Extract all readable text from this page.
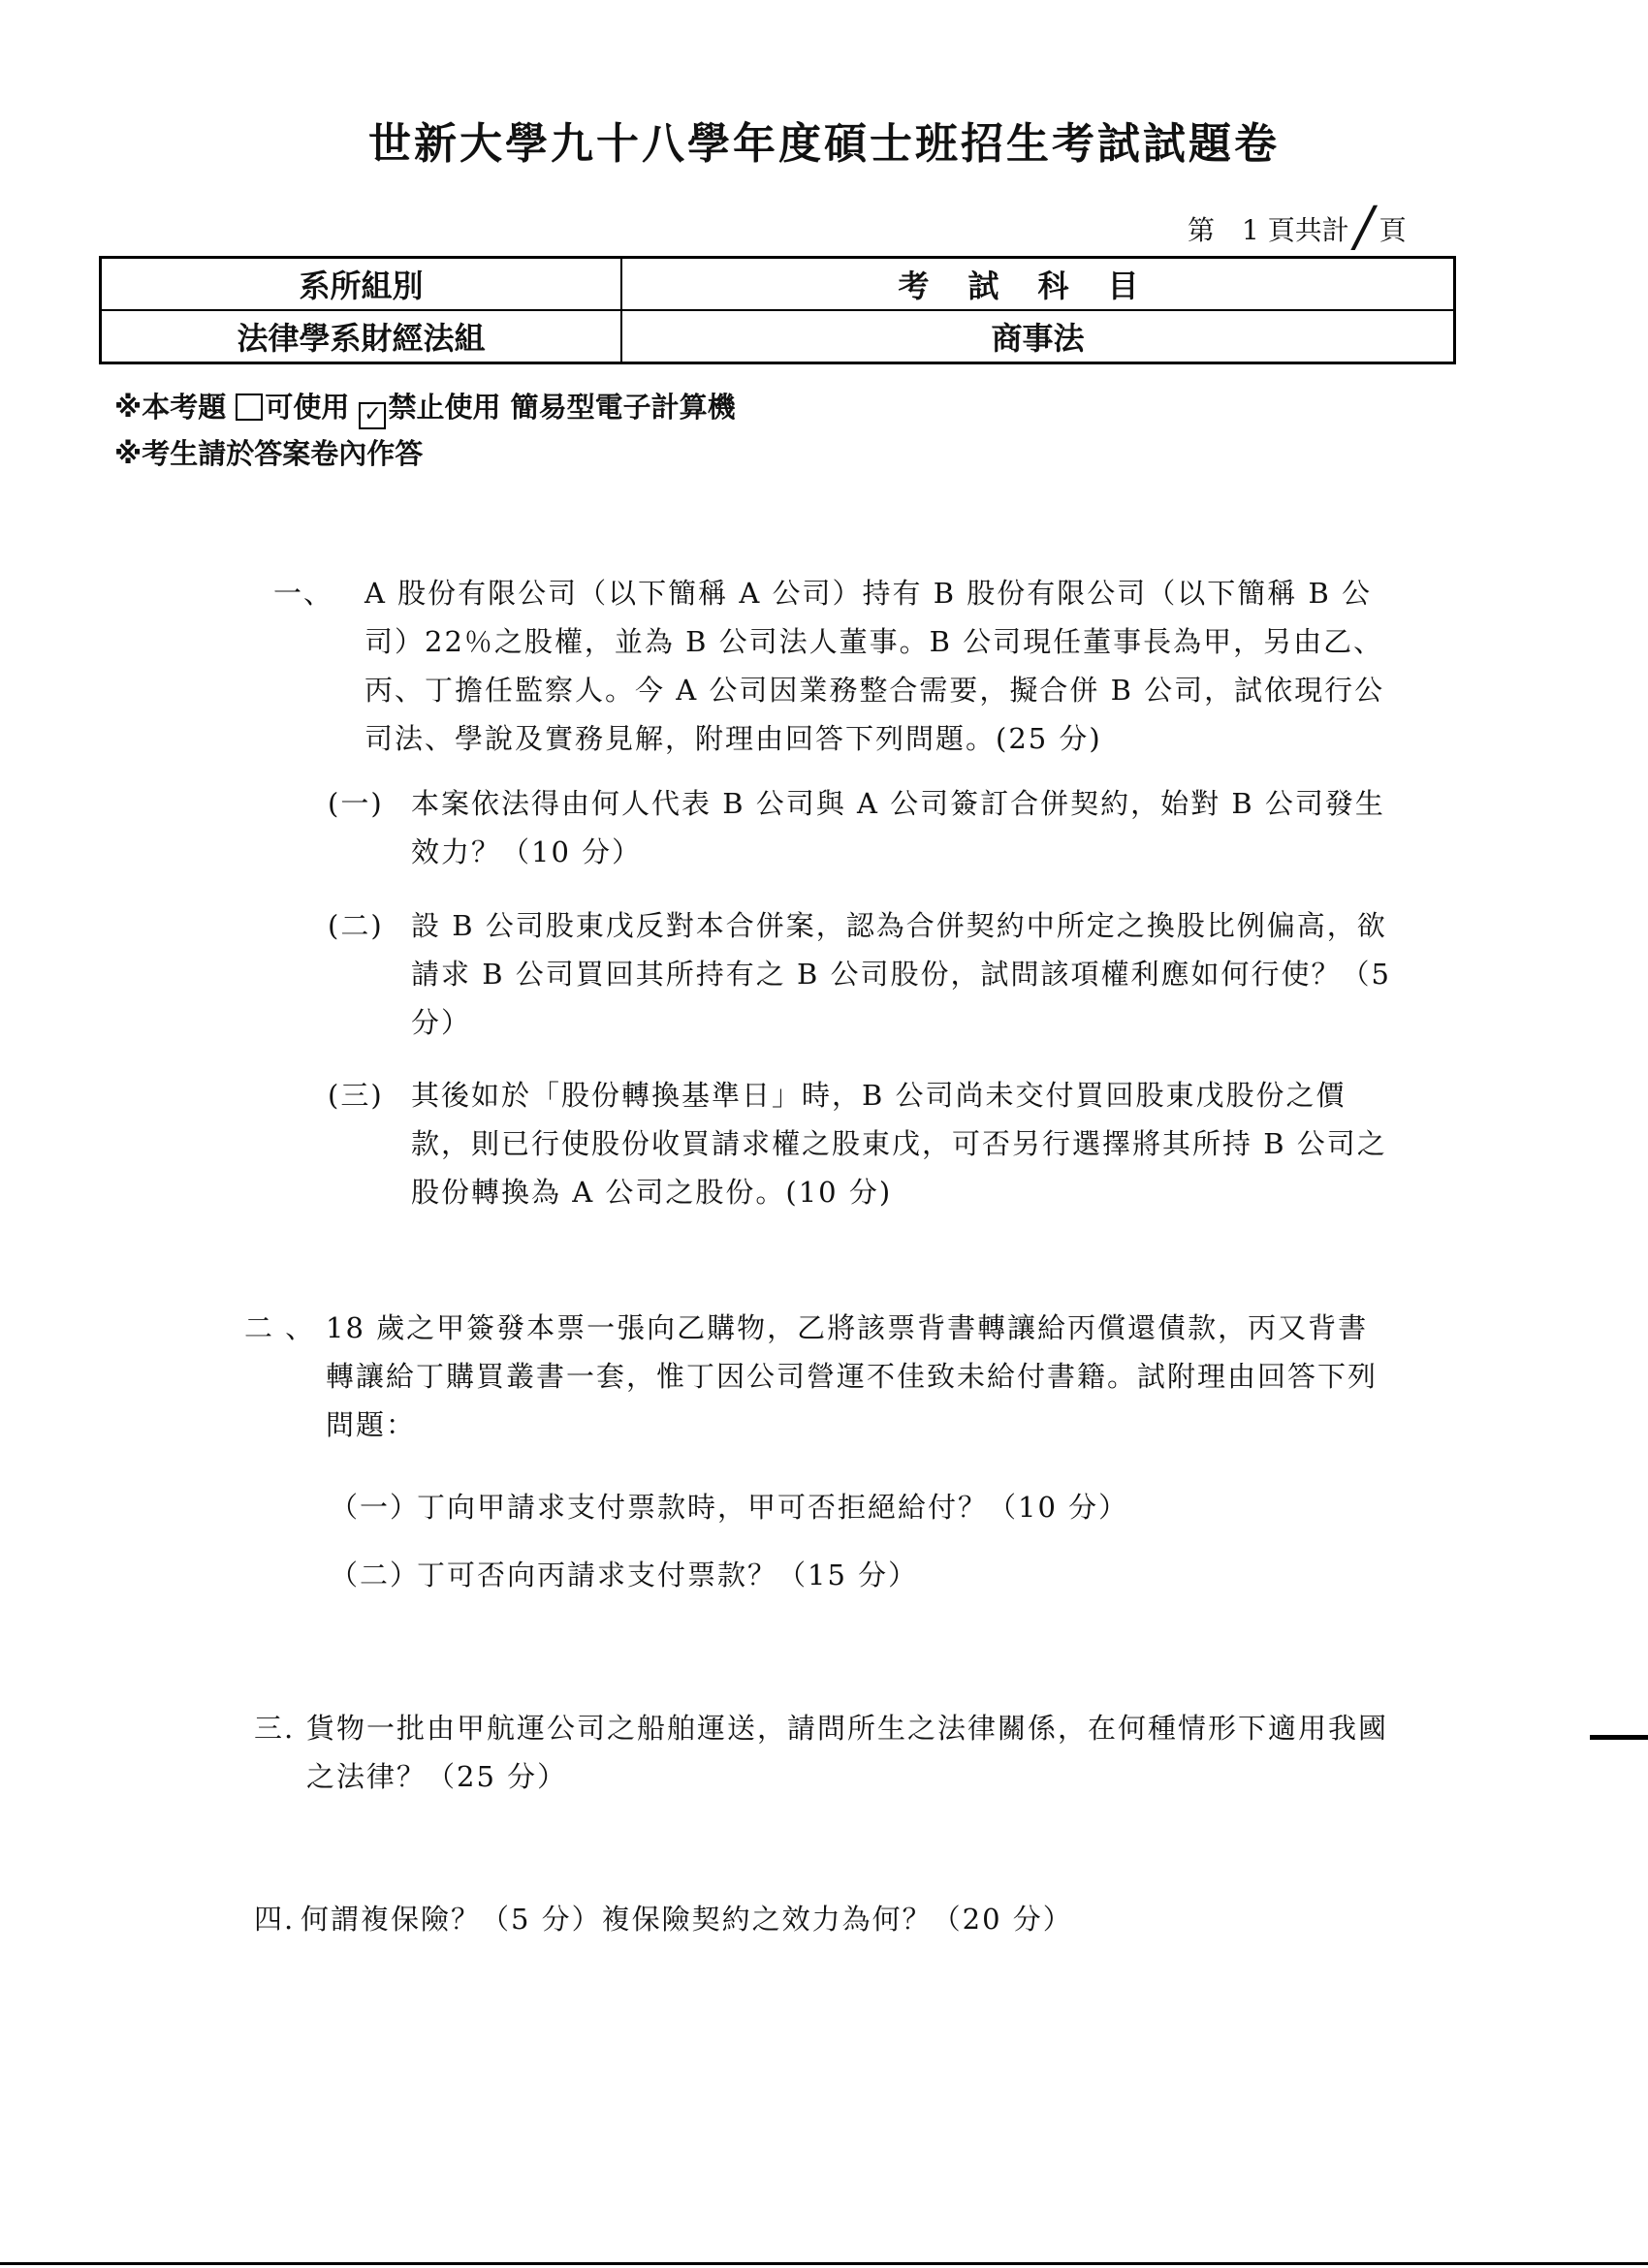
世新大學九十八學年度碩士班招生考試試題卷
第　1 頁共計 / 頁
系所組別	考試科目
法律學系財經法組	商事法
※本考題 可使用 ✓ 禁止使用 簡易型電子計算機
※考生請於答案卷內作答
一、 A 股份有限公司（以下簡稱 A 公司）持有 B 股份有限公司（以下簡稱 B 公司）22％之股權，並為 B 公司法人董事。B 公司現任董事長為甲，另由乙、丙、丁擔任監察人。今 A 公司因業務整合需要，擬合併 B 公司，試依現行公司法、學說及實務見解，附理由回答下列問題。(25 分)
(一) 本案依法得由何人代表 B 公司與 A 公司簽訂合併契約，始對 B 公司發生效力？（10 分）
(二) 設 B 公司股東戊反對本合併案，認為合併契約中所定之換股比例偏高，欲請求 B 公司買回其所持有之 B 公司股份，試問該項權利應如何行使？（5 分）
(三) 其後如於「股份轉換基準日」時，B 公司尚未交付買回股東戊股份之價款，則已行使股份收買請求權之股東戊，可否另行選擇將其所持 B 公司之股份轉換為 A 公司之股份。(10 分)
二 、 18 歲之甲簽發本票一張向乙購物，乙將該票背書轉讓給丙償還債款，丙又背書轉讓給丁購買叢書一套，惟丁因公司營運不佳致未給付書籍。試附理由回答下列問題：
（一）
丁向甲請求支付票款時，甲可否拒絕給付？（10 分）
（二）
丁可否向丙請求支付票款？（15 分）
三. 貨物一批由甲航運公司之船舶運送，請問所生之法律關係，在何種情形下適用我國之法律？（25 分）
四. 何謂複保險？（5 分）複保險契約之效力為何？（20 分）
